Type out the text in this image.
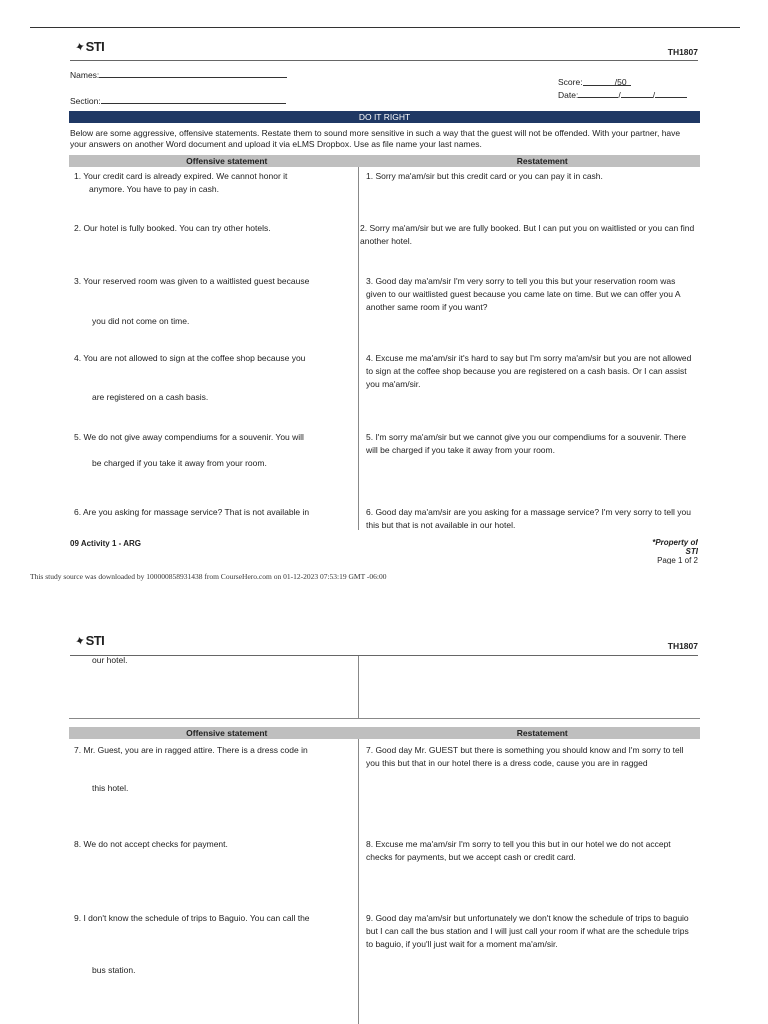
✦ STI	TH1807
Names:
Section:
Score:	/50
Date:	/	/
DO IT RIGHT
Below are some aggressive, offensive statements. Restate them to sound more sensitive in such a way that the guest will not be offended. With your partner, have your answers on another Word document and upload it via eLMS Dropbox. Use as file name your last names.
Offensive statement	Restatement
1. Your credit card is already expired. We cannot honor it
anymore. You have to pay in cash.
1. Sorry ma'am/sir but this credit card or you can pay it in cash.
2. Our hotel is fully booked. You can try other hotels.	2. Sorry ma'am/sir but we are fully booked. But I can put you on waitlisted or you can find another hotel.
3. Your reserved room was given to a waitlisted guest because
you did not come on time.
3. Good day ma'am/sir I'm very sorry to tell you this but your reservation room was given to our waitlisted guest because you came late on time. But we can offer you A another same room if you want?
4. You are not allowed to sign at the coffee shop because you
are registered on a cash basis.
4. Excuse me ma'am/sir it's hard to say but I'm sorry ma'am/sir but you are not allowed to sign at the coffee shop because you are registered on a cash basis. Or I can assist you ma'am/sir.
5. We do not give away compendiums for a souvenir. You will
be charged if you take it away from your room.
5. I'm sorry ma'am/sir but we cannot give you our compendiums for a souvenir. There will be charged if you take it away from your room.
6. Are you asking for massage service? That is not available in	6. Good day ma'am/sir are you asking for a massage service? I'm very sorry to tell you this but that is not available in our hotel.
09 Activity 1 - ARG	*Property of
STI
Page 1 of 2
This study source was downloaded by 100000858931438 from CourseHero.com on 01-12-2023 07:53:19 GMT -06:00
✦ STI	TH1807
our hotel.
Offensive statement	Restatement
7. Mr. Guest, you are in ragged attire. There is a dress code in
this hotel.
7. Good day Mr. GUEST but there is something you should know and I'm sorry to tell you this but that in our hotel there is a dress code, cause you are in ragged
8. We do not accept checks for payment.	8. Excuse me ma'am/sir I'm sorry to tell you this but in our hotel we do not accept checks for payments, but we accept cash or credit card.
9. I don't know the schedule of trips to Baguio. You can call the
bus station.
9. Good day ma'am/sir but unfortunately we don't know the schedule of trips to baguio but I can call the bus station and I will just call your room if what are the schedule trips to baguio, if you'll just wait for a moment ma'am/sir.
